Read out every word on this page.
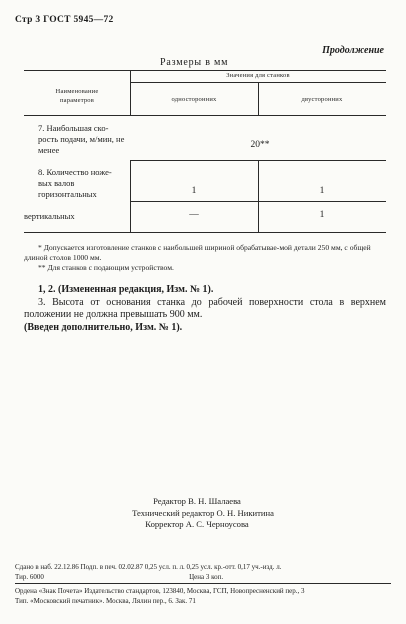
Стр 3 ГОСТ 5945—72
Продолжение
Размеры в мм
Наименование
параметров
Значения для станков
односторонних	двусторонних
7. Наибольшая ско-
рость подачи, м/мин, не
менее	20**
8. Количество ноже-
вых валов
горизонтальных	1	1
вертикальных	—	1

* Допускается изготовление станков с наибольшей шириной обрабатывае-мой детали 250 мм, с общей длиной столов 1000 мм.

** Для станков с подающим устройством.

1, 2. (Измененная редакция, Изм. № 1).

3. Высота от основания станка до рабочей поверхности стола в верхнем положении не должна превышать 900 мм.

(Введен дополнительно, Изм. № 1).

Редактор В. Н. Шалаева
Технический редактор О. Н. Никитина
Корректор А. С. Черноусова

Сдано в наб. 22.12.86 Подп. в печ. 02.02.87 0,25 усл. п. л. 0,25 усл. кр.-отт. 0,17 уч.-изд. л.

Тир. 6000                                                                                   Цена 3 коп.

Ордена «Знак Почета» Издательство стандартов, 123840, Москва, ГСП, Новопресненский пер., 3

Тип. «Московский печатник». Москва, Лялин пер., 6. Зак. 71
